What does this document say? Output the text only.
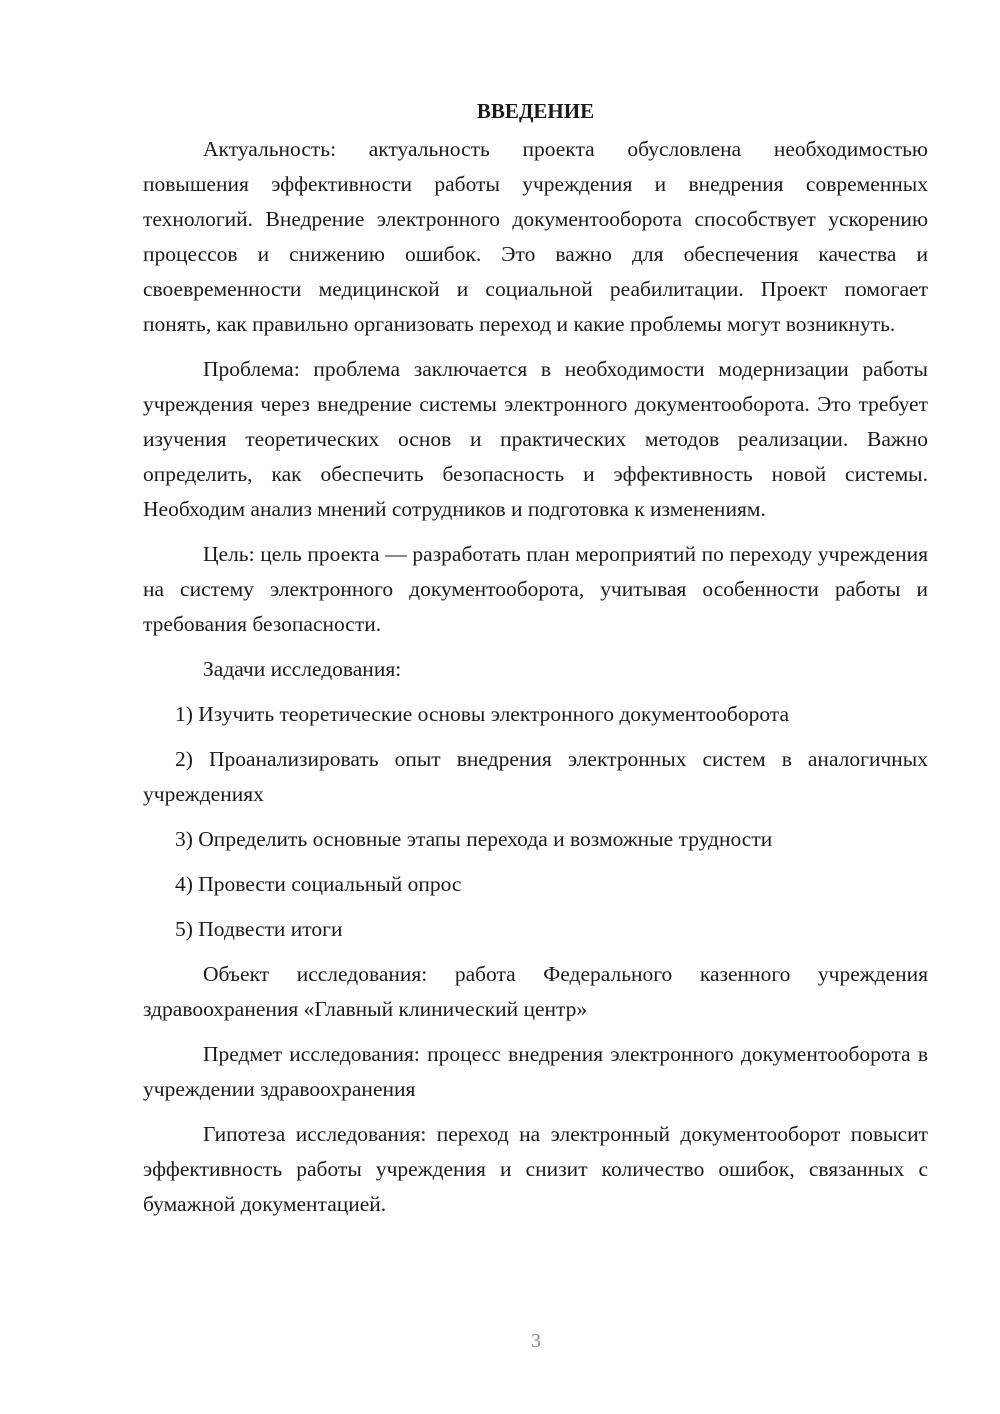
ВВЕДЕНИЕ

Актуальность: актуальность проекта обусловлена необходимостью повышения эффективности работы учреждения и внедрения современных технологий. Внедрение электронного документооборота способствует ускорению процессов и снижению ошибок. Это важно для обеспечения качества и своевременности медицинской и социальной реабилитации. Проект помогает понять, как правильно организовать переход и какие проблемы могут возникнуть.

Проблема: проблема заключается в необходимости модернизации работы учреждения через внедрение системы электронного документооборота. Это требует изучения теоретических основ и практических методов реализации. Важно определить, как обеспечить безопасность и эффективность новой системы. Необходим анализ мнений сотрудников и подготовка к изменениям.

Цель: цель проекта — разработать план мероприятий по переходу учреждения на систему электронного документооборота, учитывая особенности работы и требования безопасности.

Задачи исследования:

1) Изучить теоретические основы электронного документооборота

2) Проанализировать опыт внедрения электронных систем в аналогичных учреждениях

3) Определить основные этапы перехода и возможные трудности

4) Провести социальный опрос

5) Подвести итоги

Объект исследования: работа Федерального казенного учреждения здравоохранения «Главный клинический центр»

Предмет исследования: процесс внедрения электронного документооборота в учреждении здравоохранения

Гипотеза исследования: переход на электронный документооборот повысит эффективность работы учреждения и снизит количество ошибок, связанных с бумажной документацией.

3
